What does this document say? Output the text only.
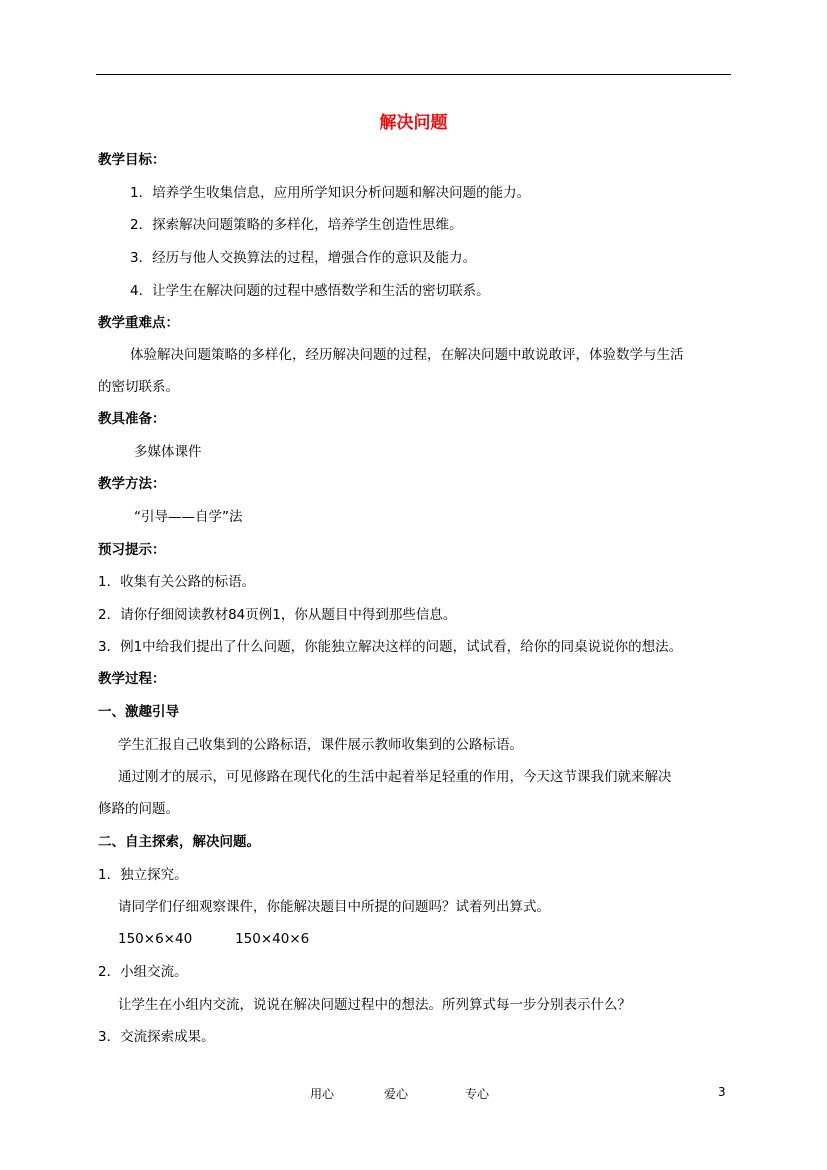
解决问题
教学目标：
1．培养学生收集信息，应用所学知识分析问题和解决问题的能力。
2．探索解决问题策略的多样化，培养学生创造性思维。
3．经历与他人交换算法的过程，增强合作的意识及能力。
4．让学生在解决问题的过程中感悟数学和生活的密切联系。
教学重难点：
体验解决问题策略的多样化，经历解决问题的过程，在解决问题中敢说敢评，体验数学与生活
的密切联系。
教具准备：
多媒体课件
教学方法：
“引导——自学”法
预习提示：
1．收集有关公路的标语。
2．请你仔细阅读教材84页例1，你从题目中得到那些信息。
3．例1中给我们提出了什么问题，你能独立解决这样的问题，试试看，给你的同桌说说你的想法。
教学过程：
一、激趣引导
学生汇报自己收集到的公路标语，课件展示教师收集到的公路标语。
通过刚才的展示，可见修路在现代化的生活中起着举足轻重的作用，今天这节课我们就来解决
修路的问题。
二、自主探索，解决问题。
1．独立探究。
请同学们仔细观察课件，你能解决题目中所提的问题吗？试着列出算式。
150×6×40          150×40×6
2．小组交流。
让学生在小组内交流，说说在解决问题过程中的想法。所列算式每一步分别表示什么？
3．交流探索成果。
用心	爱心	专心	3
